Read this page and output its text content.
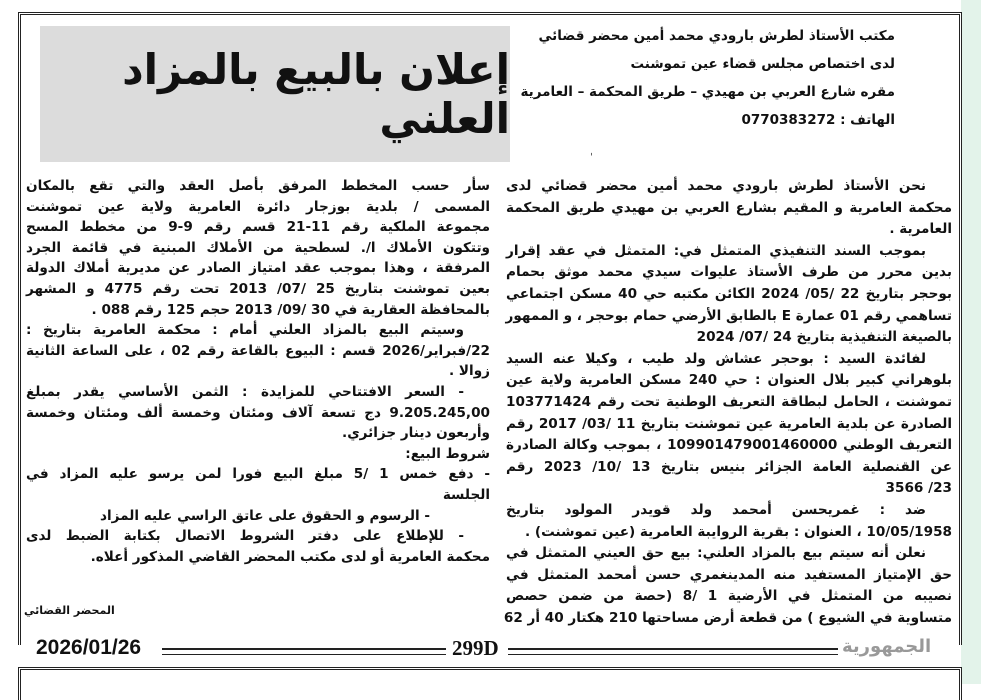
إعلان بالبيع بالمزاد العلني
مكتب الأستاذ لطرش بارودي محمد أمين محضر قضائي
لدى اختصاص مجلس قضاء عين تموشنت
مقره شارع العربي بن مهيدي – طريق المحكمة – العامرية
الهاتف : 0770383272
ˌ
نحن الأستاذ لطرش بارودي محمد أمين محضر قضائي لدى
محكمة العامرية و المقيم بشارع العربي بن مهيدي طريق المحكمة
العامرية .
بموجب السند التنفيذي المتمثل في: المتمثل في عقد إقرار
بدين محرر من طرف الأستاذ عليوات سيدي محمد موثق بحمام
بوحجر بتاريخ 22 /05/ 2024 الكائن مكتبه حي 40 مسكن اجتماعي
تساهمي رقم 01 عمارة E بالطابق الأرضي حمام بوحجر ، و الممهور
بالصيغة التنفيذية بتاريخ 24 /07/ 2024
لفائدة السيد : بوحجر عشاش ولد طيب ، وكيلا عنه السيد
بلوهراني كبير بلال العنوان : حي 240 مسكن العامرية ولاية عين
تموشنت ، الحامل لبطاقة التعريف الوطنية تحت رقم 103771424
الصادرة عن بلدية العامرية عين تموشنت بتاريخ 11 /03/ 2017 رقم
التعريف الوطني 109901479001460000 ، بموجب وكالة الصادرة
عن القنصلية العامة الجزائر بنيس بتاريخ 13 /10/ 2023 رقم
23/ 3566
ضد : غمريحسن أمحمد ولد قويدر المولود بتاريخ
10/05/1958 ، العنوان : بقرية الروايبة العامرية (عين تموشنت) .
نعلن أنه سيتم بيع بالمزاد العلني: بيع حق العيني المتمثل في
حق الإمتياز المستفيد منه المدينغمري حسن أمحمد المتمثل في
نصيبه من المتمثل في الأرضية 1 /8 (حصة من ضمن حصص
متساوية في الشيوع ) من قطعة أرض مساحتها 210 هكتار 40 أر 62
سأر حسب المخطط المرفق بأصل العقد والتي تقع بالمكان
المسمى / بلدية بوزجار دائرة العامرية ولاية عين تموشنت
مجموعة الملكية رقم 11-21 قسم رقم 9-9 من مخطط المسح
وتتكون الأملاك ا/. لسطحية من الأملاك المبنية في قائمة الجرد
المرفقة ، وهذا بموجب عقد امتياز الصادر عن مديرية أملاك الدولة
بعين تموشنت بتاريخ 25 /07/ 2013 تحت رقم 4775 و المشهر
بالمحافظة العقارية في 30 /09/ 2013 حجم 125 رقم 088 .
وسيتم البيع بالمزاد العلني أمام : محكمة العامرية بتاريخ :
22/فبراير/2026 قسم : البيوع بالقاعة رقم 02 ، على الساعة الثانية
زوالا .
- السعر الافتتاحي للمزايدة : الثمن الأساسي يقدر بمبلغ
9.205.245,00 دج تسعة آلاف ومئتان وخمسة ألف ومئتان وخمسة
وأربعون دينار جزائري.
شروط البيع:
- دفع خمس 1 /5 مبلغ البيع فورا لمن يرسو عليه المزاد في
الجلسة
- الرسوم و الحقوق على عاتق الراسي عليه المزاد
- للإطلاع على دفتر الشروط الاتصال بكتابة الضبط لدى
محكمة العامرية أو لدى مكتب المحضر القاضي المذكور أعلاه.
المحضر القضائي
2026/01/26	299D	الجمهورية
